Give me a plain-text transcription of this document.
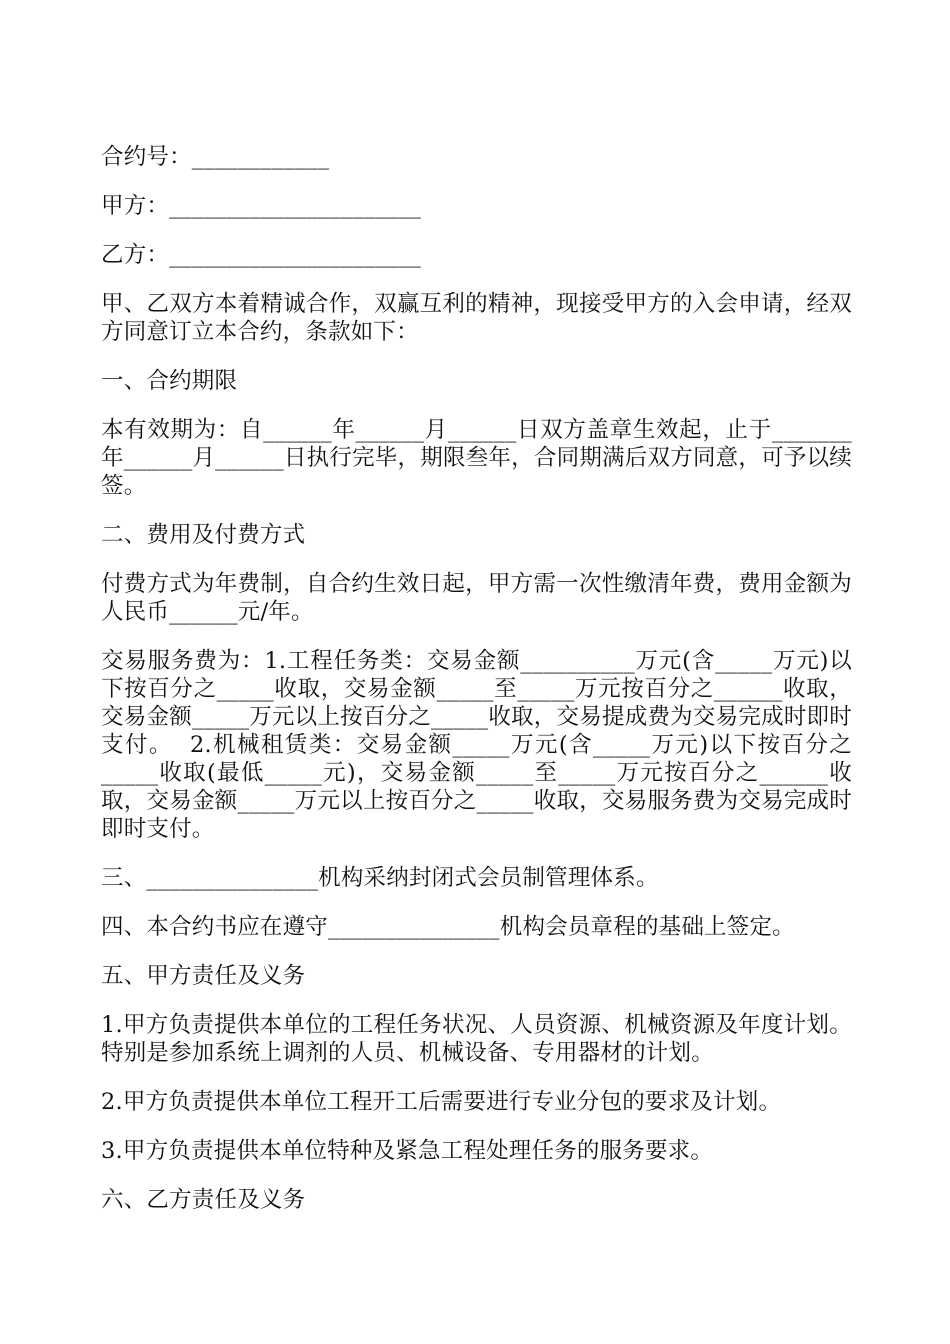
合约号：____________

甲方：______________________

乙方：______________________

甲、乙双方本着精诚合作，双赢互利的精神，现接受甲方的入会申请，经双方同意订立本合约，条款如下：

一、合约期限

本有效期为：自______年______月______日双方盖章生效起，止于_______年______月______日执行完毕，期限叁年，合同期满后双方同意，可予以续签。

二、费用及付费方式

付费方式为年费制，自合约生效日起，甲方需一次性缴清年费，费用金额为人民币______元/年。

交易服务费为：1.工程任务类：交易金额__________万元(含_____万元)以下按百分之_____收取，交易金额_____至_____万元按百分之______收取，交易金额_____万元以上按百分之_____收取，交易提成费为交易完成时即时支付。  2.机械租赁类：交易金额_____万元(含_____万元)以下按百分之_____收取(最低_____元)，交易金额_____至_____万元按百分之______收取，交易金额_____万元以上按百分之_____收取，交易服务费为交易完成时即时支付。

三、_______________机构采纳封闭式会员制管理体系。

四、本合约书应在遵守_______________机构会员章程的基础上签定。

五、甲方责任及义务

1.甲方负责提供本单位的工程任务状况、人员资源、机械资源及年度计划。特别是参加系统上调剂的人员、机械设备、专用器材的计划。

2.甲方负责提供本单位工程开工后需要进行专业分包的要求及计划。

3.甲方负责提供本单位特种及紧急工程处理任务的服务要求。

六、乙方责任及义务
